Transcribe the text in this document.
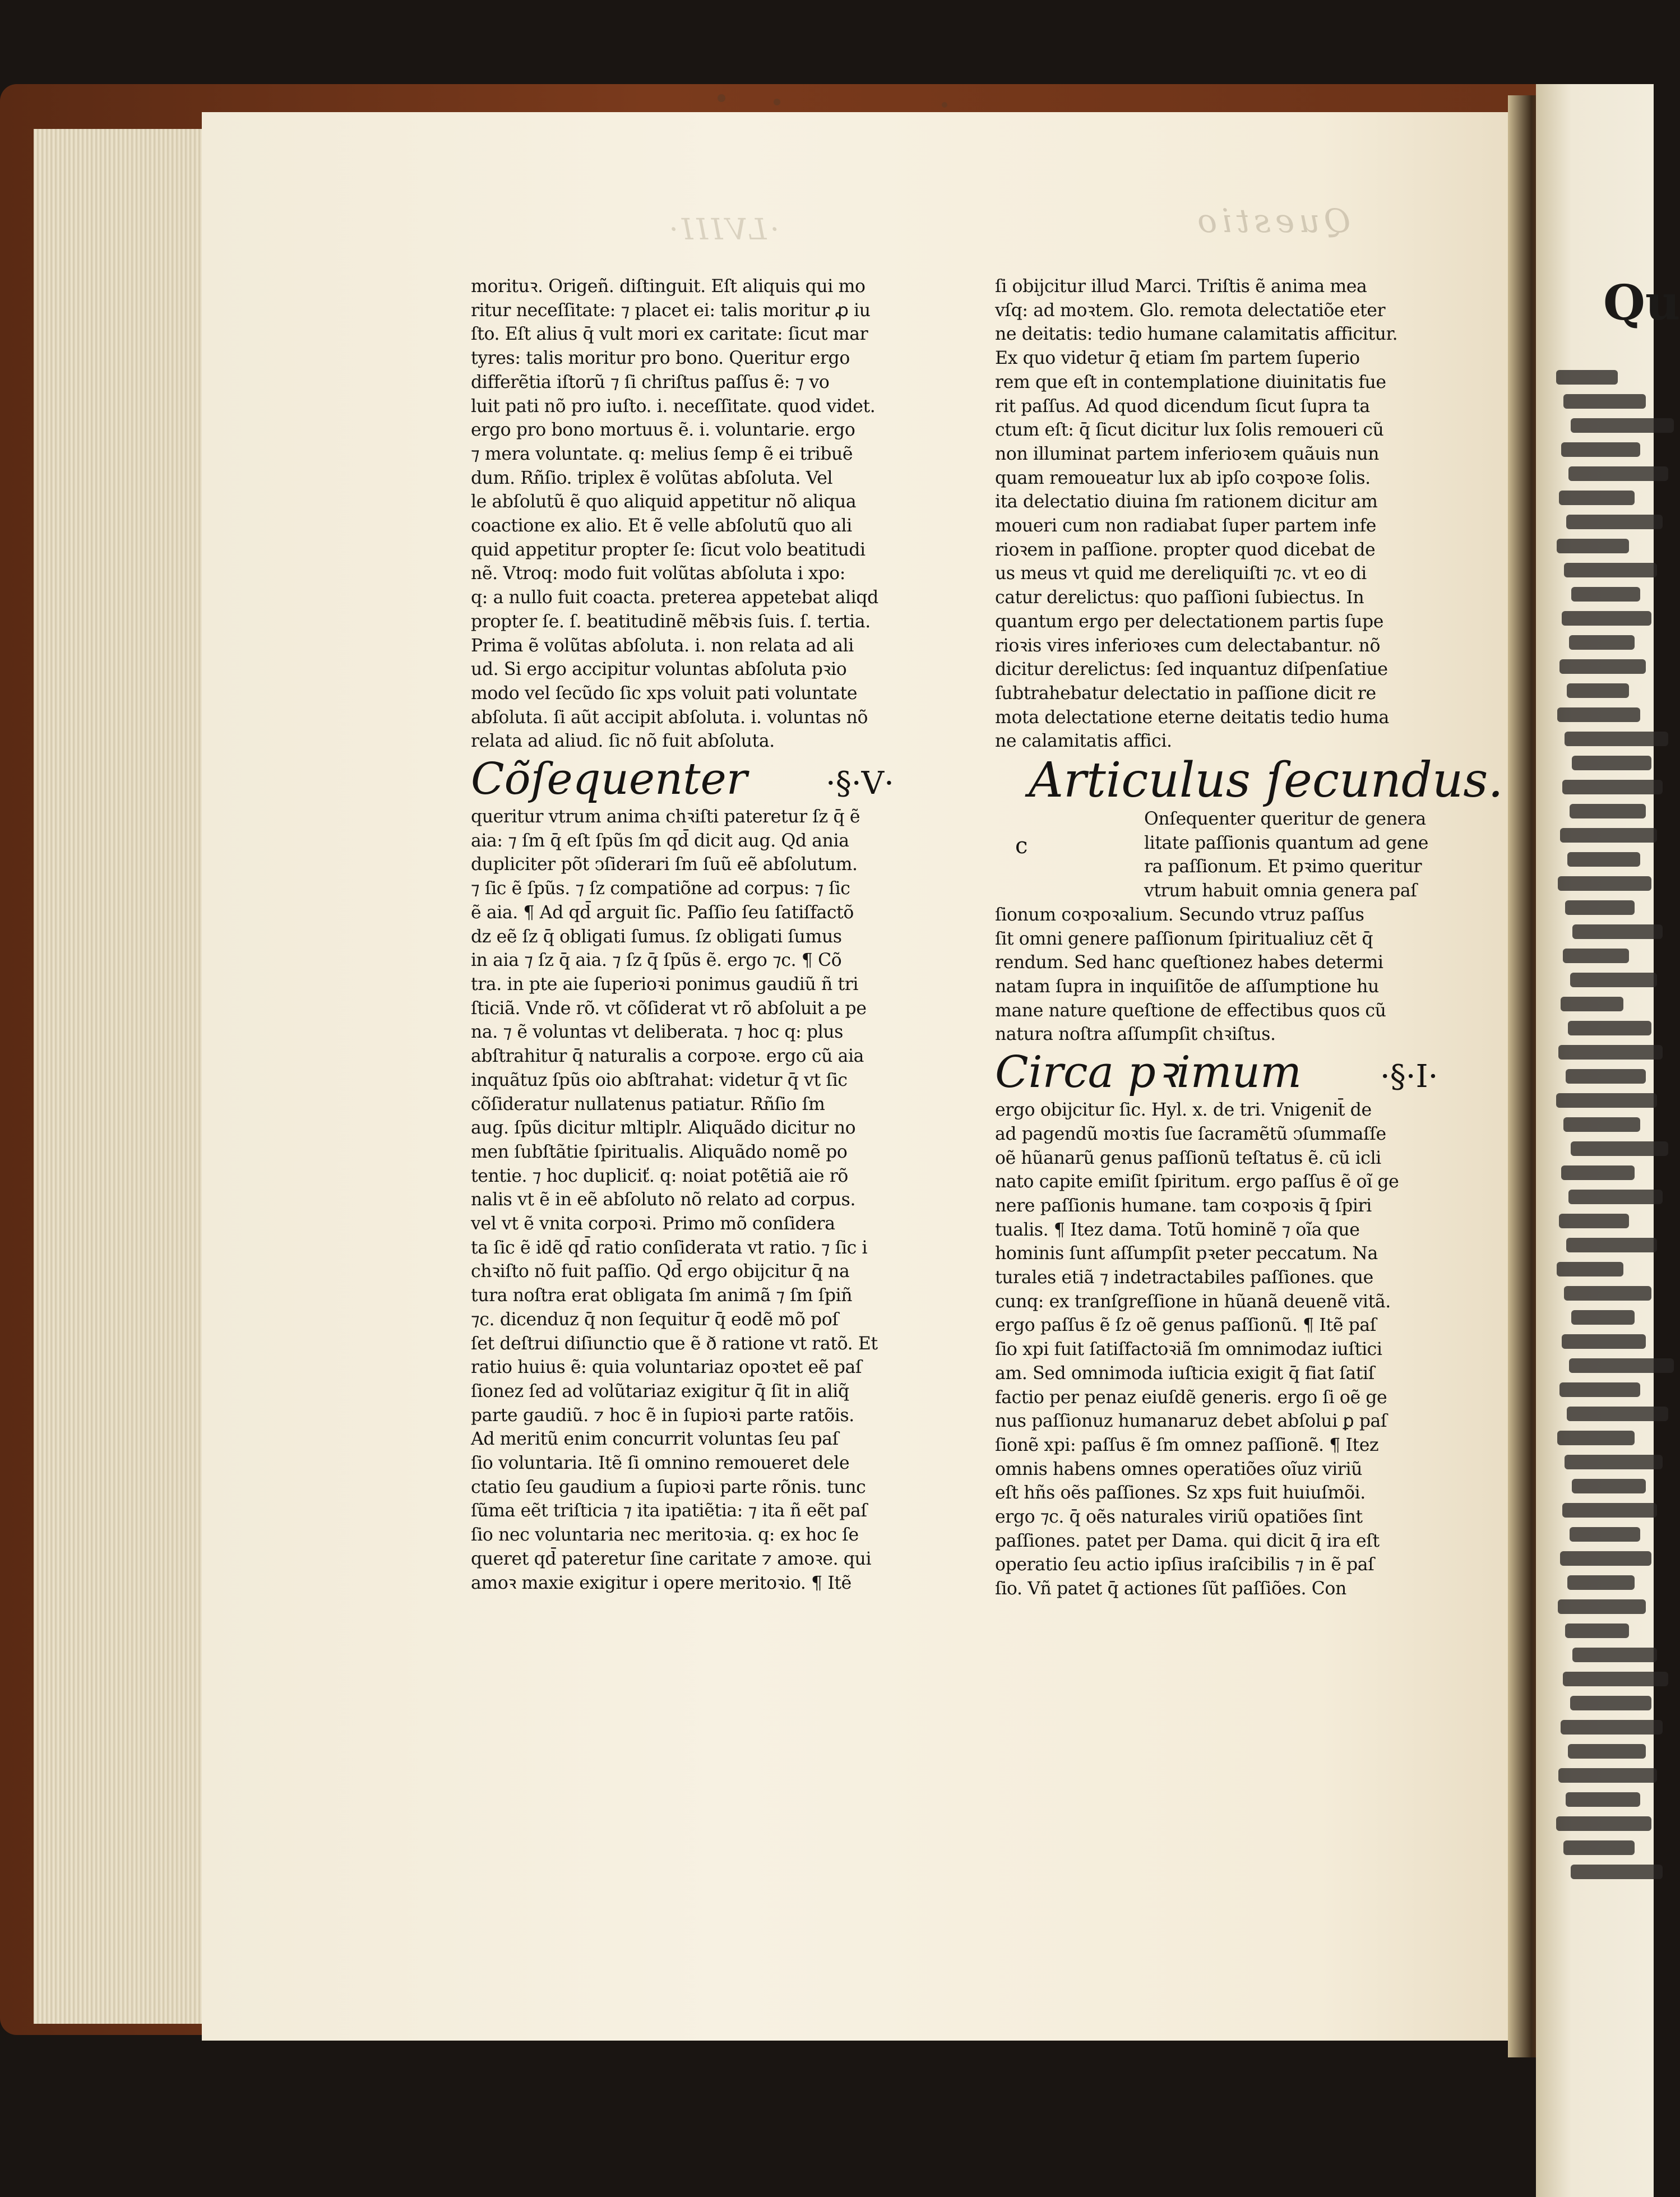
Qu
Questio
·LVIII·
morituꝛ. Origeñ. diſtinguit. Eſt aliquis qui mo
ritur neceſſitate: ⁊ placet ei: talis moritur ꝓ iu
ſto. Eſt alius q̄ vult mori ex caritate: ſicut mar
tyres: talis moritur pro bono. Queritur ergo
differẽtia iſtorũ ⁊ ſi chriſtus paſſus ẽ: ⁊ vo
luit pati nõ pro iuſto. i. neceſſitate. quod videt.
ergo pro bono mortuus ẽ. i. voluntarie. ergo
⁊ mera voluntate. q: melius ſemp ẽ ei tribuẽ
dum. Rñſio. triplex ẽ volũtas abſoluta. Vel
le abſolutũ ẽ quo aliquid appetitur nõ aliqua
coactione ex alio. Et ẽ velle abſolutũ quo ali
quid appetitur propter ſe: ſicut volo beatitudi
nẽ. Vtroq: modo fuit volũtas abſoluta i xpo:
q: a nullo fuit coacta. preterea appetebat aliqd
propter ſe. ſ. beatitudinẽ mẽbꝛis ſuis. ſ. tertia.
Prima ẽ volũtas abſoluta. i. non relata ad ali
ud. Si ergo accipitur voluntas abſoluta pꝛio
modo vel ſecũdo ſic xps voluit pati voluntate
abſoluta. ſi aũt accipit abſoluta. i. voluntas nõ
relata ad aliud. ſic nõ fuit abſoluta.
Cõſequenter	·§·V·
queritur vtrum anima chꝛiſti pateretur ſz q̄ ẽ
aia: ⁊ ſm q̄ eſt ſpũs ſm qd̄ dicit aug. Qd ania
dupliciter põt ↄſiderari ſm ſuũ eẽ abſolutum.
⁊ ſic ẽ ſpũs. ⁊ ſz compatiõne ad corpus: ⁊ ſic
ẽ aia. ¶ Ad qd̄ arguit ſic. Paſſio ſeu ſatiſfactõ
dz eẽ ſz q̄ obligati ſumus. ſz obligati ſumus
in aia ⁊ ſz q̄ aia. ⁊ ſz q̄ ſpũs ẽ. ergo ⁊c. ¶ Cõ
tra. in pte aie ſuperioꝛi ponimus gaudiũ ñ tri
ſticiã. Vnde rõ. vt cõſiderat vt rõ abſoluit a pe
na. ⁊ ẽ voluntas vt deliberata. ⁊ hoc q: plus
abſtrahitur q̄ naturalis a corpoꝛe. ergo cũ aia
inquãtuz ſpũs oio abſtrahat: videtur q̄ vt ſic
cõſideratur nullatenus patiatur. Rñſio ſm
aug. ſpũs dicitur mltiplr. Aliquãdo dicitur no
men ſubſtãtie ſpiritualis. Aliquãdo nomẽ po
tentie. ⁊ hoc dupliciť. q: noiat potẽtiã aie rõ
nalis vt ẽ in eẽ abſoluto nõ relato ad corpus.
vel vt ẽ vnita corpoꝛi. Primo mõ conſidera
ta ſic ẽ idẽ qd̄ ratio conſiderata vt ratio. ⁊ ſic i
chꝛiſto nõ fuit paſſio. Qd̄ ergo obijcitur q̄ na
tura noſtra erat obligata ſm animã ⁊ ſm ſpiñ
⁊c. dicenduz q̄ non ſequitur q̄ eodẽ mõ poſ
ſet deſtrui diſiunctio que ẽ ð ratione vt ratõ. Et
ratio huius ẽ: quia voluntariaz opoꝛtet eẽ paſ
ſionez ſed ad volũtariaz exigitur q̄ ſit in aliq̃
parte gaudiũ. ⁊ hoc ẽ in ſupioꝛi parte ratõis.
Ad meritũ enim concurrit voluntas ſeu paſ
ſio voluntaria. Itẽ ſi omnino remoueret dele
ctatio ſeu gaudium a ſupioꝛi parte rõnis. tunc
ſũma eẽt triſticia ⁊ ita ipatiẽtia: ⁊ ita ñ eẽt paſ
ſio nec voluntaria nec meritoꝛia. q: ex hoc ſe
queret qd̄ pateretur ſine caritate ⁊ amoꝛe. qui
amoꝛ maxie exigitur i opere meritoꝛio. ¶ Itẽ
ſi obijcitur illud Marci. Triſtis ẽ anima mea
vſq: ad moꝛtem. Glo. remota delectatiõe eter
ne deitatis: tedio humane calamitatis afficitur.
Ex quo videtur q̄ etiam ſm partem ſuperio
rem que eſt in contemplatione diuinitatis fue
rit paſſus. Ad quod dicendum ſicut ſupra ta
ctum eſt: q̄ ſicut dicitur lux ſolis remoueri cũ
non illuminat partem inferioꝛem quãuis nun
quam remoueatur lux ab ipſo coꝛpoꝛe ſolis.
ita delectatio diuina ſm rationem dicitur am
moueri cum non radiabat ſuper partem infe
rioꝛem in paſſione. propter quod dicebat de
us meus vt quid me dereliquiſti ⁊c. vt eo di
catur derelictus: quo paſſioni ſubiectus. In
quantum ergo per delectationem partis ſupe
rioꝛis vires inferioꝛes cum delectabantur. nõ
dicitur derelictus: ſed inquantuz diſpenſatiue
ſubtrahebatur delectatio in paſſione dicit re
mota delectatione eterne deitatis tedio huma
ne calamitatis affici.
Articulus ſecundus.
c
Onſequenter queritur de genera
litate paſſionis quantum ad gene
ra paſſionum. Et pꝛimo queritur
vtrum habuit omnia genera paſ
ſionum coꝛpoꝛalium. Secundo vtruz paſſus
ſit omni genere paſſionum ſpiritualiuz cẽt q̄
rendum. Sed hanc queſtionez habes determi
natam ſupra in inquiſitõe de aſſumptione hu
mane nature queſtione de effectibus quos cũ
natura noſtra aſſumpſit chꝛiſtus.
Circa pꝛimum	·§·I·
ergo obijcitur ſic. Hyl. x. de tri. Vnigenit̄ de
ad pagendũ moꝛtis ſue ſacramẽtũ ↄſummaſſe
oẽ hũanarũ genus paſſionũ teſtatus ẽ. cũ icli
nato capite emiſit ſpiritum. ergo paſſus ẽ oĩ ge
nere paſſionis humane. tam coꝛpoꝛis q̄ ſpiri
tualis. ¶ Itez dama. Totũ hominẽ ⁊ oĩa que
hominis ſunt aſſumpſit pꝛeter peccatum. Na
turales etiã ⁊ indetractabiles paſſiones. que
cunq: ex tranſgreſſione in hũanã deuenẽ vitã.
ergo paſſus ẽ ſz oẽ genus paſſionũ. ¶ Itẽ paſ
ſio xpi fuit ſatiſfactoꝛiã ſm omnimodaz iuſtici
am. Sed omnimoda iuſticia exigit q̄ fiat ſatiſ
factio per penaz eiuſdẽ generis. ergo ſi oẽ ge
nus paſſionuz humanaruz debet abſolui ꝑ paſ
ſionẽ xpi: paſſus ẽ ſm omnez paſſionẽ. ¶ Itez
omnis habens omnes operatiões oĩuz viriũ
eſt hñs oẽs paſſiones. Sz xps fuit huiuſmõi.
ergo ⁊c. q̄ oẽs naturales viriũ opatiões ſint
paſſiones. patet per Dama. qui dicit q̄ ira eſt
operatio ſeu actio ipſius iraſcibilis ⁊ in ẽ paſ
ſio. Vñ patet q̄ actiones ſũt paſſiões. Con
